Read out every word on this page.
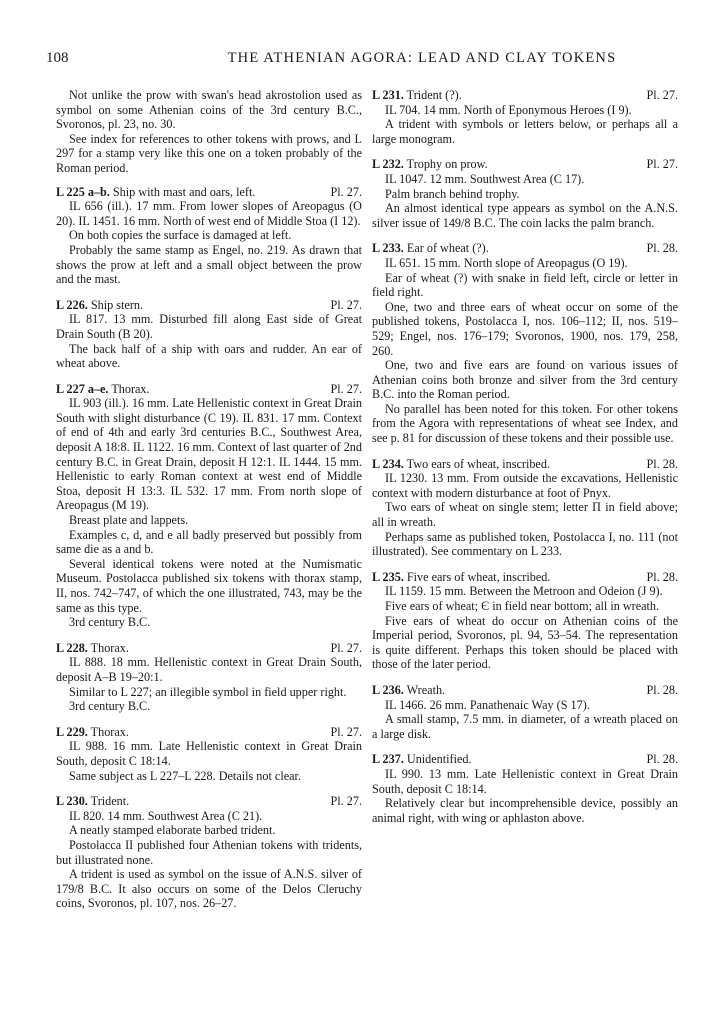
108	THE ATHENIAN AGORA: LEAD AND CLAY TOKENS

Not unlike the prow with swan's head akrostolion used as symbol on some Athenian coins of the 3rd century B.C., Svoronos, pl. 23, no. 30.

See index for references to other tokens with prows, and L 297 for a stamp very like this one on a token probably of the Roman period.

L 225 a–b. Ship with mast and oars, left.	Pl. 27.

IL 656 (ill.). 17 mm. From lower slopes of Areopagus (O 20). IL 1451. 16 mm. North of west end of Middle Stoa (I 12).

On both copies the surface is damaged at left.

Probably the same stamp as Engel, no. 219. As drawn that shows the prow at left and a small object between the prow and the mast.

L 226. Ship stern.	Pl. 27.

IL 817. 13 mm. Disturbed fill along East side of Great Drain South (B 20).

The back half of a ship with oars and rudder. An ear of wheat above.

L 227 a–e. Thorax.	Pl. 27.

IL 903 (ill.). 16 mm. Late Hellenistic context in Great Drain South with slight disturbance (C 19). IL 831. 17 mm. Context of end of 4th and early 3rd centuries B.C., Southwest Area, deposit A 18:8. IL 1122. 16 mm. Context of last quarter of 2nd century B.C. in Great Drain, deposit H 12:1. IL 1444. 15 mm. Hellenistic to early Roman context at west end of Middle Stoa, deposit H 13:3. IL 532. 17 mm. From north slope of Areopagus (M 19).

Breast plate and lappets.

Examples c, d, and e all badly preserved but possibly from same die as a and b.

Several identical tokens were noted at the Numismatic Museum. Postolacca published six tokens with thorax stamp, II, nos. 742–747, of which the one illustrated, 743, may be the same as this type.

3rd century B.C.

L 228. Thorax.	Pl. 27.

IL 888. 18 mm. Hellenistic context in Great Drain South, deposit A–B 19–20:1.

Similar to L 227; an illegible symbol in field upper right.

3rd century B.C.

L 229. Thorax.	Pl. 27.

IL 988. 16 mm. Late Hellenistic context in Great Drain South, deposit C 18:14.

Same subject as L 227–L 228. Details not clear.

L 230. Trident.	Pl. 27.

IL 820. 14 mm. Southwest Area (C 21).

A neatly stamped elaborate barbed trident.

Postolacca II published four Athenian tokens with tridents, but illustrated none.

A trident is used as symbol on the issue of A.N.S. silver of 179/8 B.C. It also occurs on some of the Delos Cleruchy coins, Svoronos, pl. 107, nos. 26–27.

L 231. Trident (?).	Pl. 27.

IL 704. 14 mm. North of Eponymous Heroes (I 9).

A trident with symbols or letters below, or perhaps all a large monogram.

L 232. Trophy on prow.	Pl. 27.

IL 1047. 12 mm. Southwest Area (C 17).

Palm branch behind trophy.

An almost identical type appears as symbol on the A.N.S. silver issue of 149/8 B.C. The coin lacks the palm branch.

L 233. Ear of wheat (?).	Pl. 28.

IL 651. 15 mm. North slope of Areopagus (O 19).

Ear of wheat (?) with snake in field left, circle or letter in field right.

One, two and three ears of wheat occur on some of the published tokens, Postolacca I, nos. 106–112; II, nos. 519–529; Engel, nos. 176–179; Svoronos, 1900, nos. 179, 258, 260.

One, two and five ears are found on various issues of Athenian coins both bronze and silver from the 3rd century B.C. into the Roman period.

No parallel has been noted for this token. For other tokens from the Agora with representations of wheat see Index, and see p. 81 for discussion of these tokens and their possible use.

L 234. Two ears of wheat, inscribed.	Pl. 28.

IL 1230. 13 mm. From outside the excavations, Hellenistic context with modern disturbance at foot of Pnyx.

Two ears of wheat on single stem; letter Π in field above; all in wreath.

Perhaps same as published token, Postolacca I, no. 111 (not illustrated). See commentary on L 233.

L 235. Five ears of wheat, inscribed.	Pl. 28.

IL 1159. 15 mm. Between the Metroon and Odeion (J 9).

Five ears of wheat; Є in field near bottom; all in wreath.

Five ears of wheat do occur on Athenian coins of the Imperial period, Svoronos, pl. 94, 53–54. The representation is quite different. Perhaps this token should be placed with those of the later period.

L 236. Wreath.	Pl. 28.

IL 1466. 26 mm. Panathenaic Way (S 17).

A small stamp, 7.5 mm. in diameter, of a wreath placed on a large disk.

L 237. Unidentified.	Pl. 28.

IL 990. 13 mm. Late Hellenistic context in Great Drain South, deposit C 18:14.

Relatively clear but incomprehensible device, possibly an animal right, with wing or aphlaston above.
